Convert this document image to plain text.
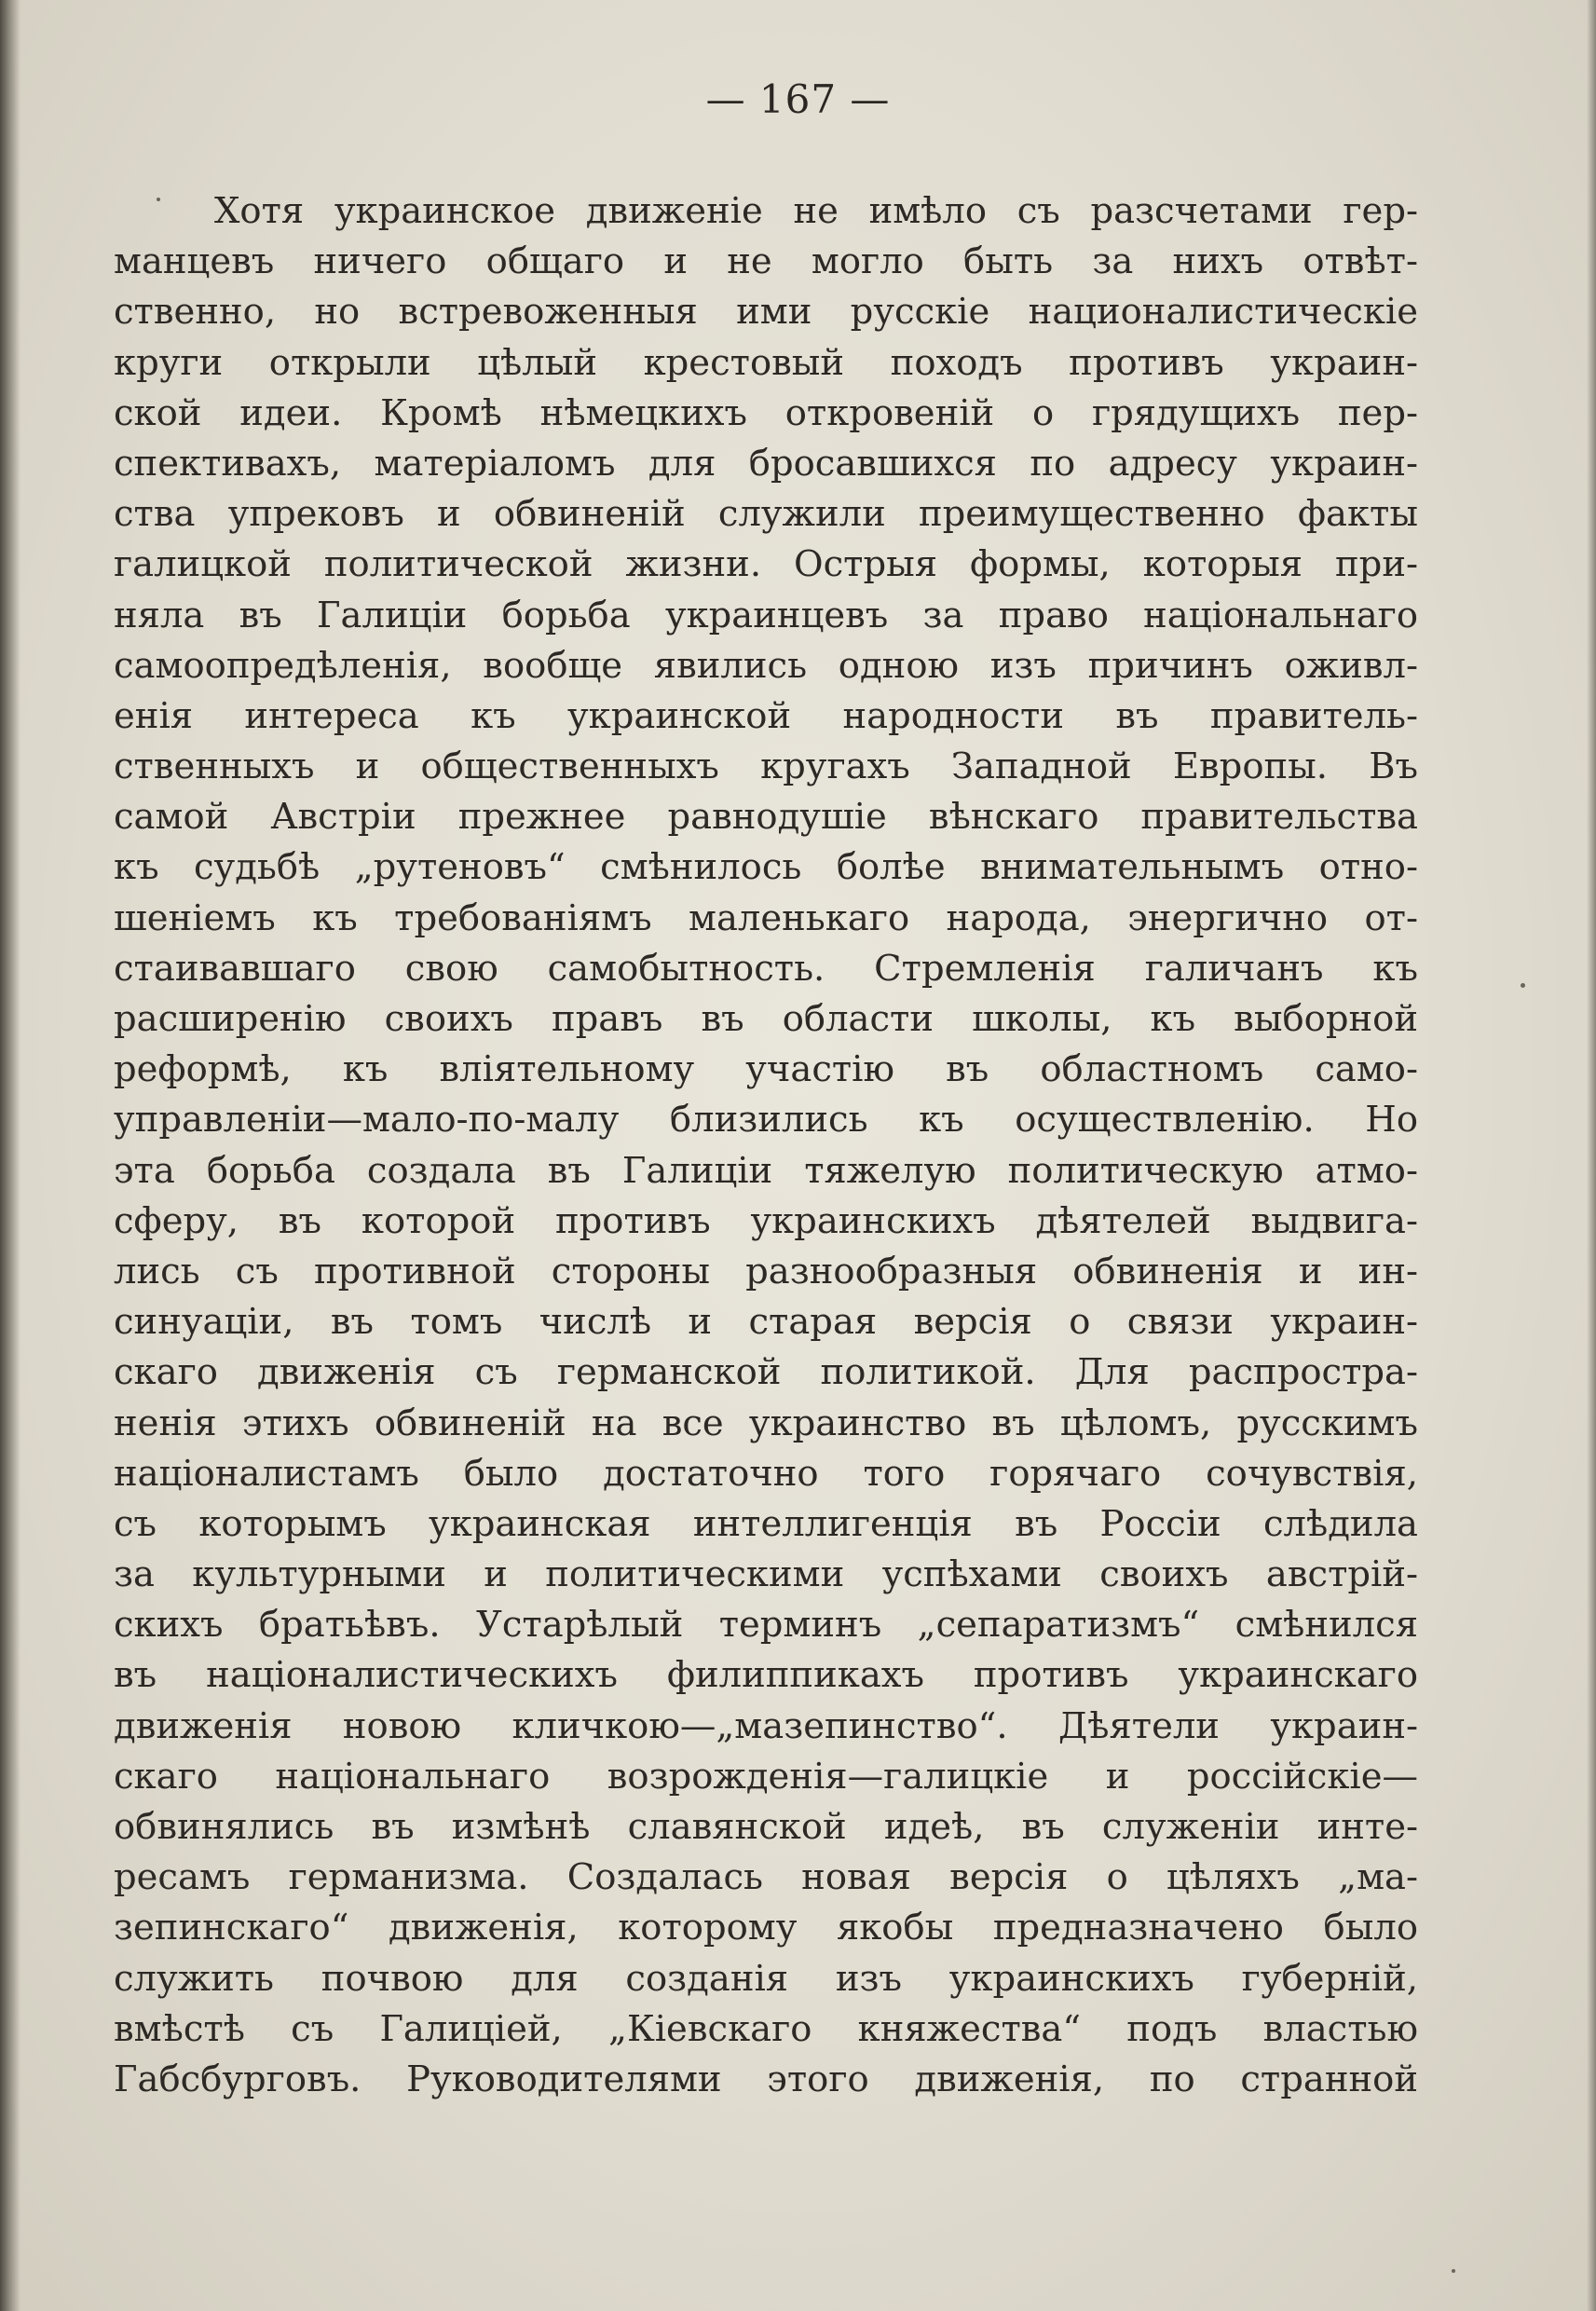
— 167 —
Хотя украинское движеніе не имѣло съ разсчетами гер-
манцевъ ничего общаго и не могло быть за нихъ отвѣт-
ственно, но встревоженныя ими русскіе националистическіе
круги открыли цѣлый крестовый походъ противъ украин-
ской идеи. Кромѣ нѣмецкихъ откровеній о грядущихъ пер-
спективахъ, матеріаломъ для бросавшихся по адресу украин-
ства упрековъ и обвиненій служили преимущественно факты
галицкой политической жизни. Острыя формы, которыя при-
няла въ Галиціи борьба украинцевъ за право національнаго
самоопредѣленія, вообще явились одною изъ причинъ оживл-
енія интереса къ украинской народности въ правитель-
ственныхъ и общественныхъ кругахъ Западной Европы. Въ
самой Австріи прежнее равнодушіе вѣнскаго правительства
къ судьбѣ „рутеновъ“ смѣнилось болѣе внимательнымъ отно-
шеніемъ къ требованіямъ маленькаго народа, энергично от-
стаивавшаго свою самобытность. Стремленія галичанъ къ
расширенію своихъ правъ въ области школы, къ выборной
реформѣ, къ вліятельному участію въ областномъ само-
управленіи—мало-по-малу близились къ осуществленію. Но
эта борьба создала въ Галиціи тяжелую политическую атмо-
сферу, въ которой противъ украинскихъ дѣятелей выдвига-
лись съ противной стороны разнообразныя обвиненія и ин-
синуаціи, въ томъ числѣ и старая версія о связи украин-
скаго движенія съ германской политикой. Для распростра-
ненія этихъ обвиненій на все украинство въ цѣломъ, русскимъ
націоналистамъ было достаточно того горячаго сочувствія,
съ которымъ украинская интеллигенція въ Россіи слѣдила
за культурными и политическими успѣхами своихъ австрій-
скихъ братьѣвъ. Устарѣлый терминъ „сепаратизмъ“ смѣнился
въ націоналистическихъ филиппикахъ противъ украинскаго
движенія новою кличкою—„мазепинство“. Дѣятели украин-
скаго національнаго возрожденія—галицкіе и россійскіе—
обвинялись въ измѣнѣ славянской идеѣ, въ служеніи инте-
ресамъ германизма. Создалась новая версія о цѣляхъ „ма-
зепинскаго“ движенія, которому якобы предназначено было
служить почвою для созданія изъ украинскихъ губерній,
вмѣстѣ съ Галиціей, „Кіевскаго княжества“ подъ властью
Габсбурговъ. Руководителями этого движенія, по странной
